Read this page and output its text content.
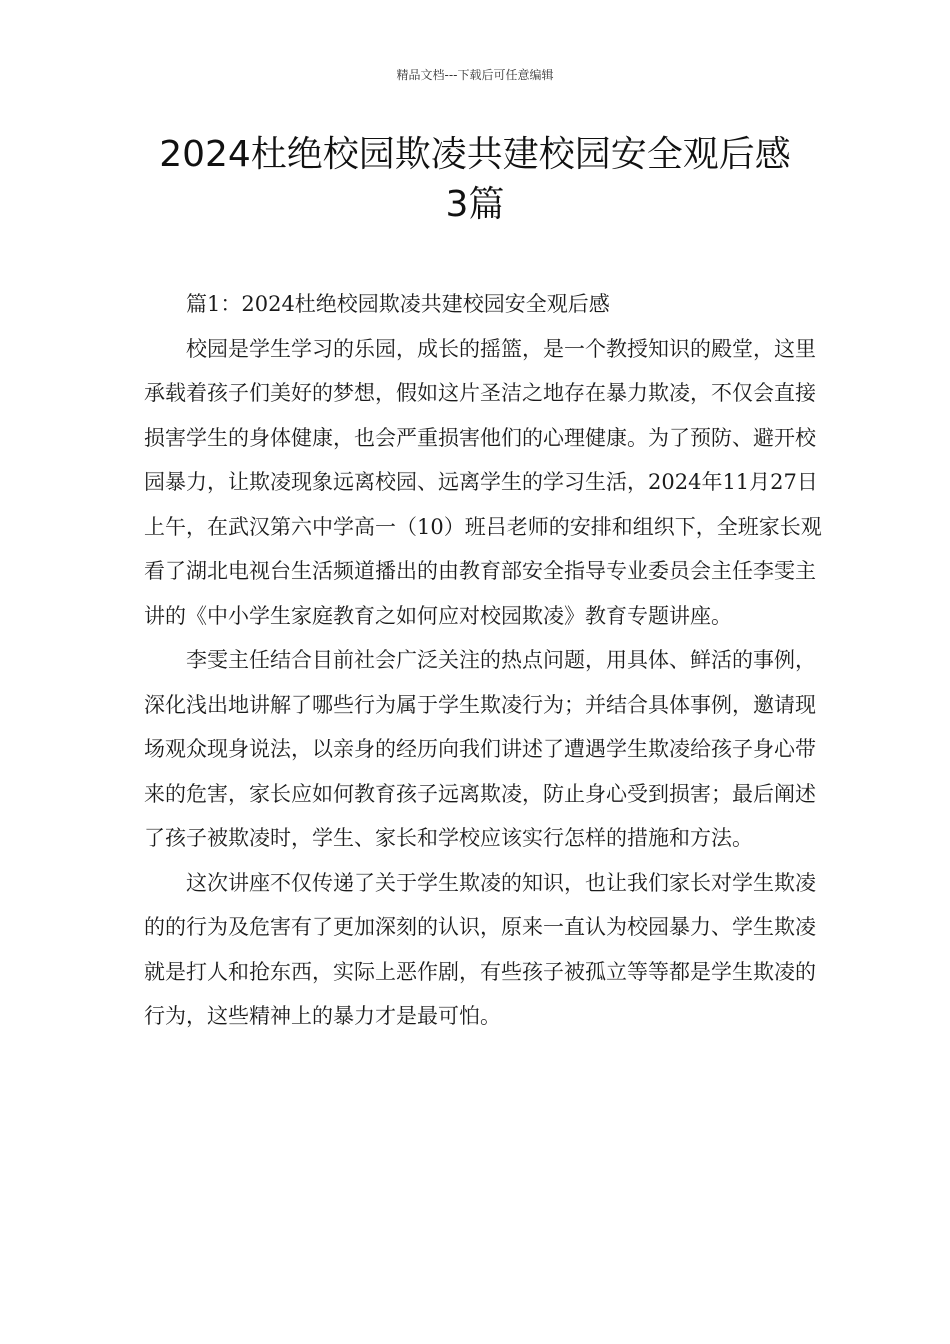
精品文档---下载后可任意编辑
2024杜绝校园欺凌共建校园安全观后感
3篇

篇1：2024杜绝校园欺凌共建校园安全观后感

校园是学生学习的乐园，成长的摇篮，是一个教授知识的殿堂，这里承载着孩子们美好的梦想，假如这片圣洁之地存在暴力欺凌，不仅会直接损害学生的身体健康，也会严重损害他们的心理健康。为了预防、避开校园暴力，让欺凌现象远离校园、远离学生的学习生活，2024年11月27日上午，在武汉第六中学高一（10）班吕老师的安排和组织下，全班家长观看了湖北电视台生活频道播出的由教育部安全指导专业委员会主任李雯主讲的《中小学生家庭教育之如何应对校园欺凌》教育专题讲座。

李雯主任结合目前社会广泛关注的热点问题，用具体、鲜活的事例，深化浅出地讲解了哪些行为属于学生欺凌行为；并结合具体事例，邀请现场观众现身说法，以亲身的经历向我们讲述了遭遇学生欺凌给孩子身心带来的危害，家长应如何教育孩子远离欺凌，防止身心受到损害；最后阐述了孩子被欺凌时，学生、家长和学校应该实行怎样的措施和方法。

这次讲座不仅传递了关于学生欺凌的知识，也让我们家长对学生欺凌的的行为及危害有了更加深刻的认识，原来一直认为校园暴力、学生欺凌就是打人和抢东西，实际上恶作剧，有些孩子被孤立等等都是学生欺凌的行为，这些精神上的暴力才是最可怕。
